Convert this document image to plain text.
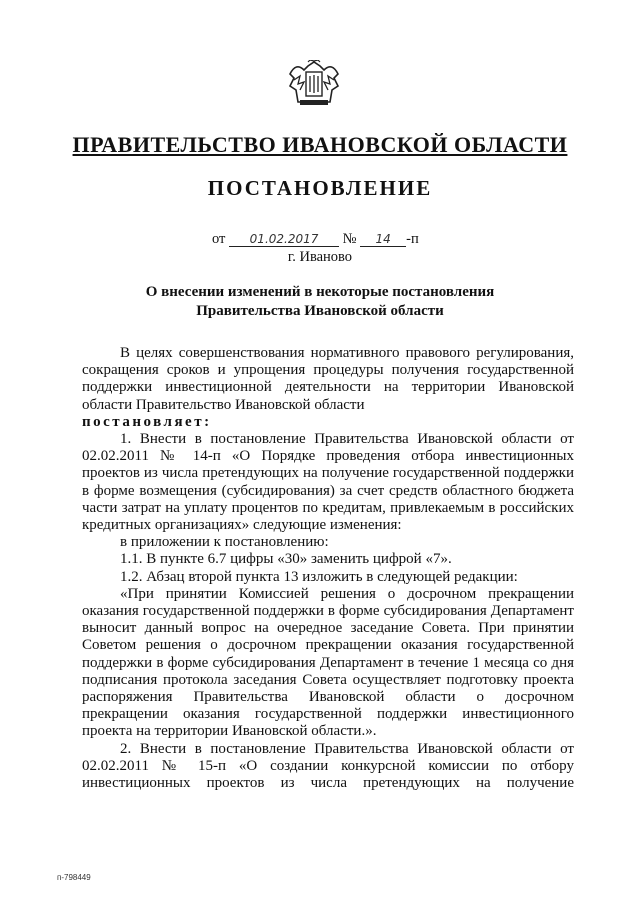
ПРАВИТЕЛЬСТВО ИВАНОВСКОЙ ОБЛАСТИ
ПОСТАНОВЛЕНИЕ
от 01.02.2017 № 14 -п
г. Иваново
О внесении изменений в некоторые постановления
Правительства Ивановской области

В целях совершенствования нормативного правового регулирования, сокращения сроков и упрощения процедуры получения государственной поддержки инвестиционной деятельности на территории Ивановской области Правительство Ивановской области
постановляет:

1. Внести в постановление Правительства Ивановской области от 02.02.2011 № 14-п «О Порядке проведения отбора инвестиционных проектов из числа претендующих на получение государственной поддержки в форме возмещения (субсидирования) за счет средств областного бюджета части затрат на уплату процентов по кредитам, привлекаемым в российских кредитных организациях» следующие изменения:

в приложении к постановлению:

1.1. В пункте 6.7 цифры «30» заменить цифрой «7».

1.2. Абзац второй пункта 13 изложить в следующей редакции:

«При принятии Комиссией решения о досрочном прекращении оказания государственной поддержки в форме субсидирования Департамент выносит данный вопрос на очередное заседание Совета. При принятии Советом решения о досрочном прекращении оказания государственной поддержки в форме субсидирования Департамент в течение 1 месяца со дня подписания протокола заседания Совета осуществляет подготовку проекта распоряжения Правительства Ивановской области о досрочном прекращении оказания государственной поддержки инвестиционного проекта на территории Ивановской области.».

2. Внести в постановление Правительства Ивановской области от 02.02.2011 № 15-п «О создании конкурсной комиссии по отбору инвестиционных проектов из числа претендующих на получение

п-798449
